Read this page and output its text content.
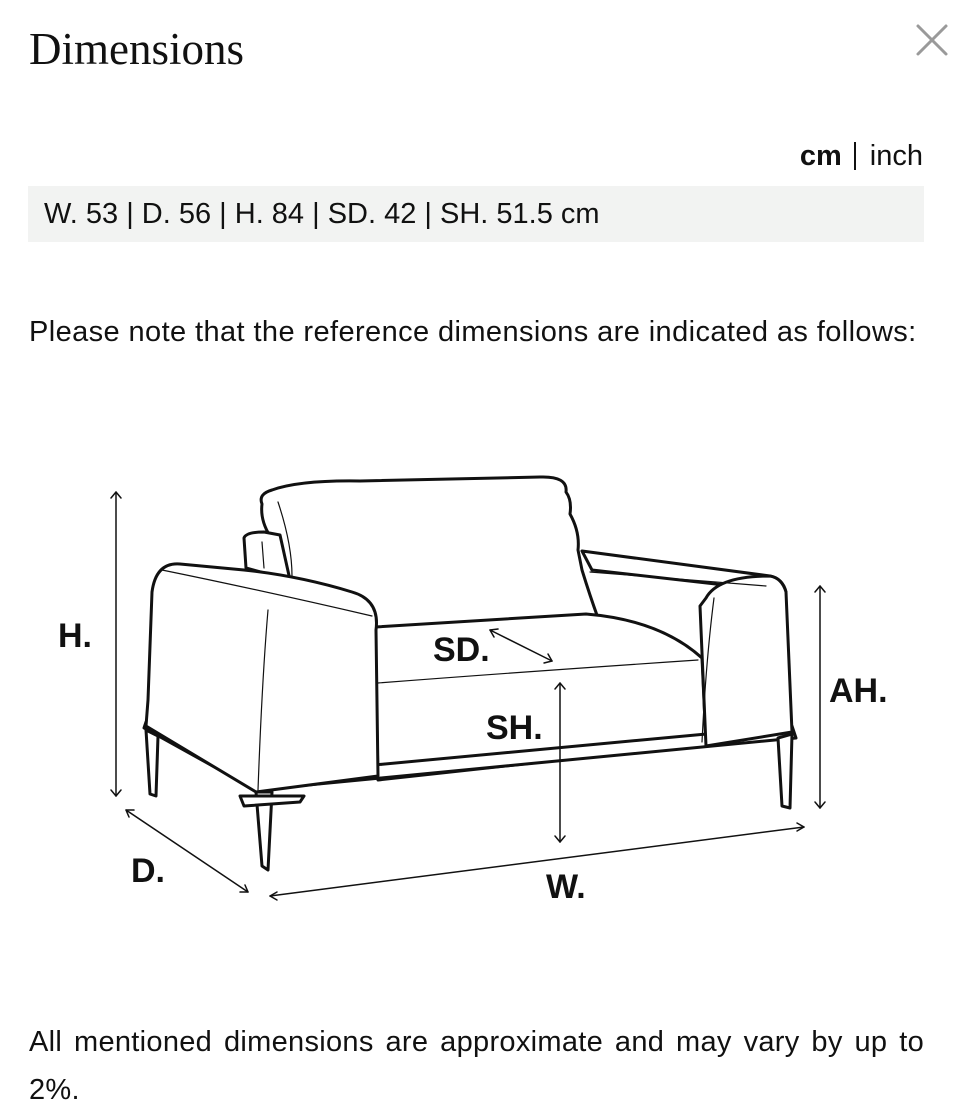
Dimensions
cm inch
W. 53 | D. 56 | H. 84 | SD. 42 | SH. 51.5 cm

Please note that the reference dimensions are indicated as follows:

H.	SD.
SH.
AH.
D.	W.

All mentioned dimensions are approximate and may vary by up to 2%.
